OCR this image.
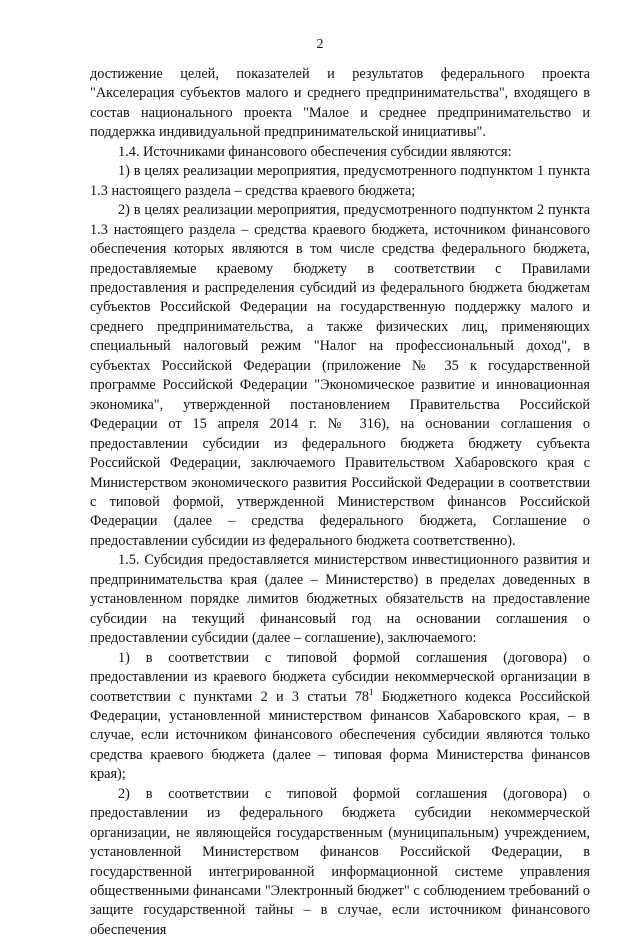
2

достижение целей, показателей и результатов федерального проекта "Акселерация субъектов малого и среднего предпринимательства", входящего в состав национального проекта "Малое и среднее предпринимательство и поддержка индивидуальной предпринимательской инициативы".

1.4. Источниками финансового обеспечения субсидии являются:

1) в целях реализации мероприятия, предусмотренного подпунктом 1 пункта 1.3 настоящего раздела – средства краевого бюджета;

2) в целях реализации мероприятия, предусмотренного подпунктом 2 пункта 1.3 настоящего раздела – средства краевого бюджета, источником финансового обеспечения которых являются в том числе средства федерального бюджета, предоставляемые краевому бюджету в соответствии с Правилами предоставления и распределения субсидий из федерального бюджета бюджетам субъектов Российской Федерации на государственную поддержку малого и среднего предпринимательства, а также физических лиц, применяющих специальный налоговый режим "Налог на профессиональный доход", в субъектах Российской Федерации (приложение № 35 к государственной программе Российской Федерации "Экономическое развитие и инновационная экономика", утвержденной постановлением Правительства Российской Федерации от 15 апреля 2014 г. № 316), на основании соглашения о предоставлении субсидии из федерального бюджета бюджету субъекта Российской Федерации, заключаемого Правительством Хабаровского края с Министерством экономического развития Российской Федерации в соответствии с типовой формой, утвержденной Министерством финансов Российской Федерации (далее – средства федерального бюджета, Соглашение о предоставлении субсидии из федерального бюджета соответственно).

1.5. Субсидия предоставляется министерством инвестиционного развития и предпринимательства края (далее – Министерство) в пределах доведенных в установленном порядке лимитов бюджетных обязательств на предоставление субсидии на текущий финансовый год на основании соглашения о предоставлении субсидии (далее – соглашение), заключаемого:

1) в соответствии с типовой формой соглашения (договора) о предоставлении из краевого бюджета субсидии некоммерческой организации в соответствии с пунктами 2 и 3 статьи $78^1$ Бюджетного кодекса Российской Федерации, установленной министерством финансов Хабаровского края, – в случае, если источником финансового обеспечения субсидии являются только средства краевого бюджета (далее – типовая форма Министерства финансов края);

2) в соответствии с типовой формой соглашения (договора) о предоставлении из федерального бюджета субсидии некоммерческой организации, не являющейся государственным (муниципальным) учреждением, установленной Министерством финансов Российской Федерации, в государственной интегрированной информационной системе управления общественными финансами "Электронный бюджет" с соблюдением требований о защите государственной тайны – в случае, если источником финансового обеспечения
